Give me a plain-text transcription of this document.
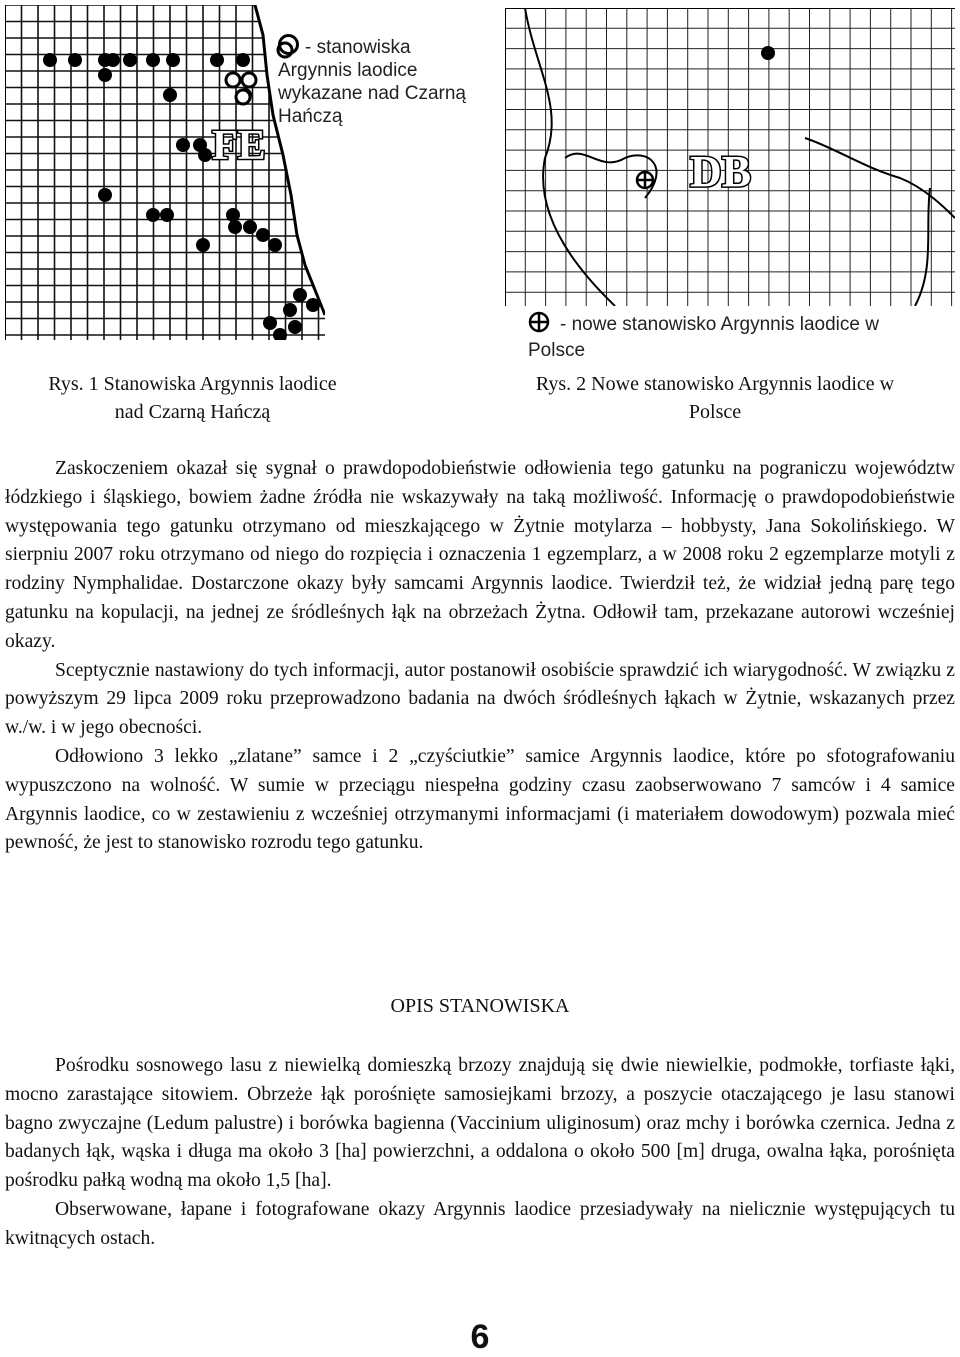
FE
- stanowiska Argynnis laodice wykazane nad Czarną Hańczą
DB
- nowe stanowisko Argynnis laodice w Polsce
Rys. 1 Stanowiska Argynnis laodice
nad Czarną Hańczą
Rys. 2 Nowe stanowisko Argynnis laodice w
Polsce

Zaskoczeniem okazał się sygnał o prawdopodobieństwie odłowienia tego gatunku na pograniczu województw łódzkiego i śląskiego, bowiem żadne źródła nie wskazywały na taką możliwość. Informację o prawdopodobieństwie występowania tego gatunku otrzymano od mieszkającego w Żytnie motylarza – hobbysty, Jana Sokolińskiego. W sierpniu 2007 roku otrzymano od niego do rozpięcia i oznaczenia 1 egzemplarz, a w 2008 roku 2 egzemplarze motyli z rodziny Nymphalidae. Dostarczone okazy były samcami Argynnis laodice. Twierdził też, że widział jedną parę tego gatunku na kopulacji, na jednej ze śródleśnych łąk na obrzeżach Żytna. Odłowił tam, przekazane autorowi wcześniej okazy.

Sceptycznie nastawiony do tych informacji, autor postanowił osobiście sprawdzić ich wiarygodność. W związku z powyższym 29 lipca 2009 roku przeprowadzono badania na dwóch śródleśnych łąkach w Żytnie, wskazanych przez w./w. i w jego obecności.

Odłowiono 3 lekko „zlatane” samce i 2 „czyściutkie” samice Argynnis laodice, które po sfotografowaniu wypuszczono na wolność. W sumie w przeciągu niespełna godziny czasu zaobserwowano 7 samców i 4 samice Argynnis laodice, co w zestawieniu z wcześniej otrzymanymi informacjami (i materiałem dowodowym) pozwala mieć pewność, że jest to stanowisko rozrodu tego gatunku.

OPIS STANOWISKA

Pośrodku sosnowego lasu z niewielką domieszką brzozy znajdują się dwie niewielkie, podmokłe, torfiaste łąki, mocno zarastające sitowiem. Obrzeże łąk porośnięte samosiejkami brzozy, a poszycie otaczającego je lasu stanowi bagno zwyczajne (Ledum palustre) i borówka bagienna (Vaccinium uliginosum) oraz mchy i borówka czernica. Jedna z badanych łąk, wąska i długa ma około 3 [ha] powierzchni, a oddalona o około 500 [m] druga, owalna łąka, porośnięta pośrodku pałką wodną ma około 1,5 [ha].

Obserwowane, łapane i fotografowane okazy Argynnis laodice przesiadywały na nielicznie występujących tu kwitnących ostach.

6
